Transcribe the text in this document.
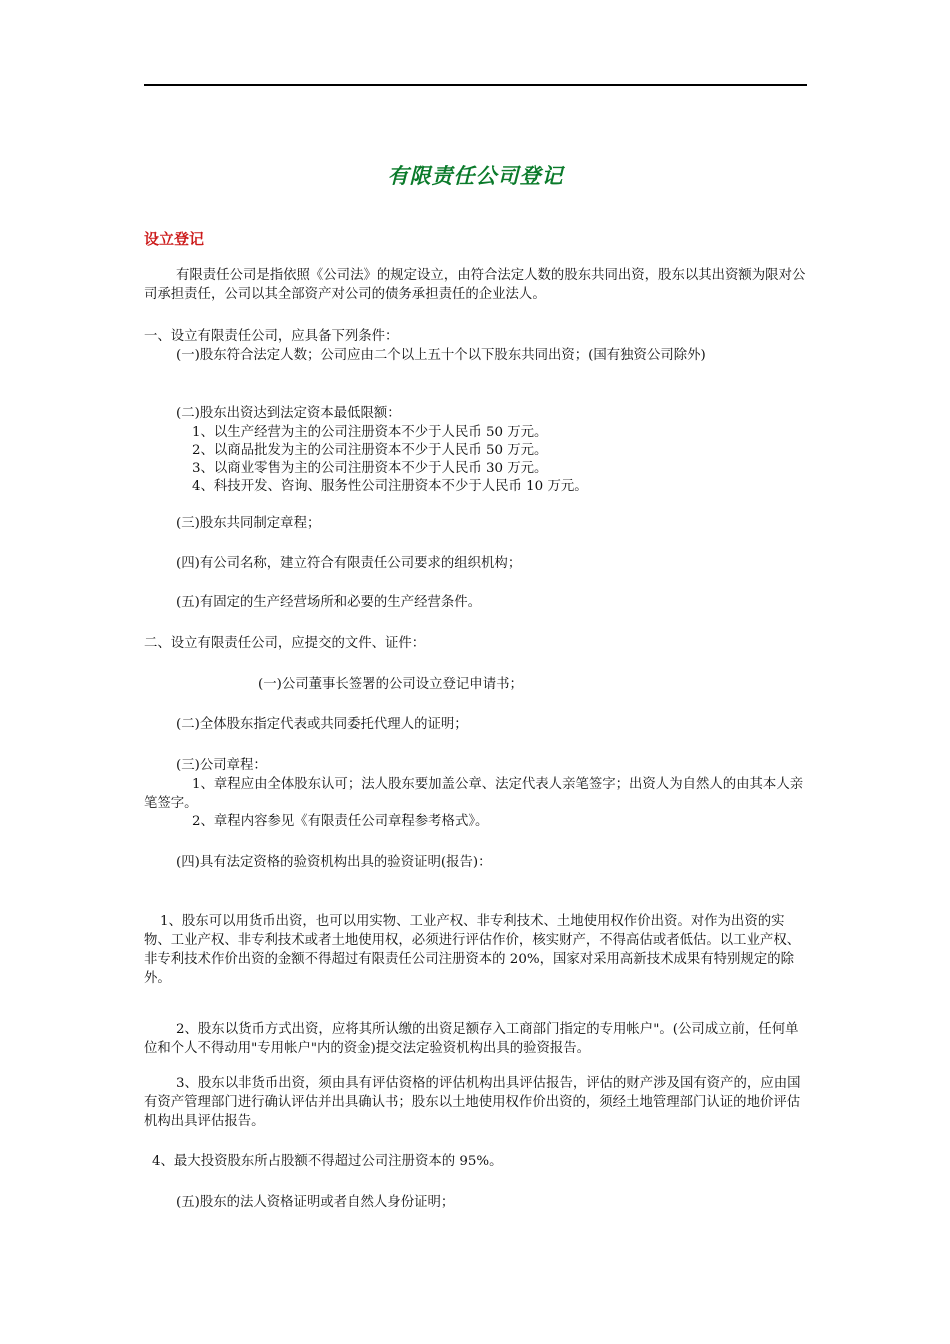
有限责任公司登记
设立登记
有限责任公司是指依照《公司法》的规定设立，由符合法定人数的股东共同出资，股东以其出资额为限对公司承担责任，公司以其全部资产对公司的债务承担责任的企业法人。
一、设立有限责任公司，应具备下列条件：
(一)股东符合法定人数；公司应由二个以上五十个以下股东共同出资；(国有独资公司除外)
(二)股东出资达到法定资本最低限额：
1、以生产经营为主的公司注册资本不少于人民币 50 万元。
2、以商品批发为主的公司注册资本不少于人民币 50 万元。
3、以商业零售为主的公司注册资本不少于人民币 30 万元。
4、科技开发、咨询、服务性公司注册资本不少于人民币 10 万元。
(三)股东共同制定章程；
(四)有公司名称，建立符合有限责任公司要求的组织机构；
(五)有固定的生产经营场所和必要的生产经营条件。
二、设立有限责任公司，应提交的文件、证件：
(一)公司董事长签署的公司设立登记申请书；
(二)全体股东指定代表或共同委托代理人的证明；
(三)公司章程：
1、章程应由全体股东认可；法人股东要加盖公章、法定代表人亲笔签字；出资人为自然人的由其本人亲笔签字。
2、章程内容参见《有限责任公司章程参考格式》。
(四)具有法定资格的验资机构出具的验资证明(报告)：
1、股东可以用货币出资，也可以用实物、工业产权、非专利技术、土地使用权作价出资。对作为出资的实物、工业产权、非专利技术或者土地使用权，必须进行评估作价，核实财产，不得高估或者低估。以工业产权、非专利技术作价出资的金额不得超过有限责任公司注册资本的 20%，国家对采用高新技术成果有特别规定的除外。
2、股东以货币方式出资，应将其所认缴的出资足额存入工商部门指定的专用帐户"。(公司成立前，任何单位和个人不得动用"专用帐户"内的资金)提交法定验资机构出具的验资报告。
3、股东以非货币出资，须由具有评估资格的评估机构出具评估报告，评估的财产涉及国有资产的，应由国有资产管理部门进行确认评估并出具确认书；股东以土地使用权作价出资的，须经土地管理部门认证的地价评估机构出具评估报告。
4、最大投资股东所占股额不得超过公司注册资本的 95%。
(五)股东的法人资格证明或者自然人身份证明；
